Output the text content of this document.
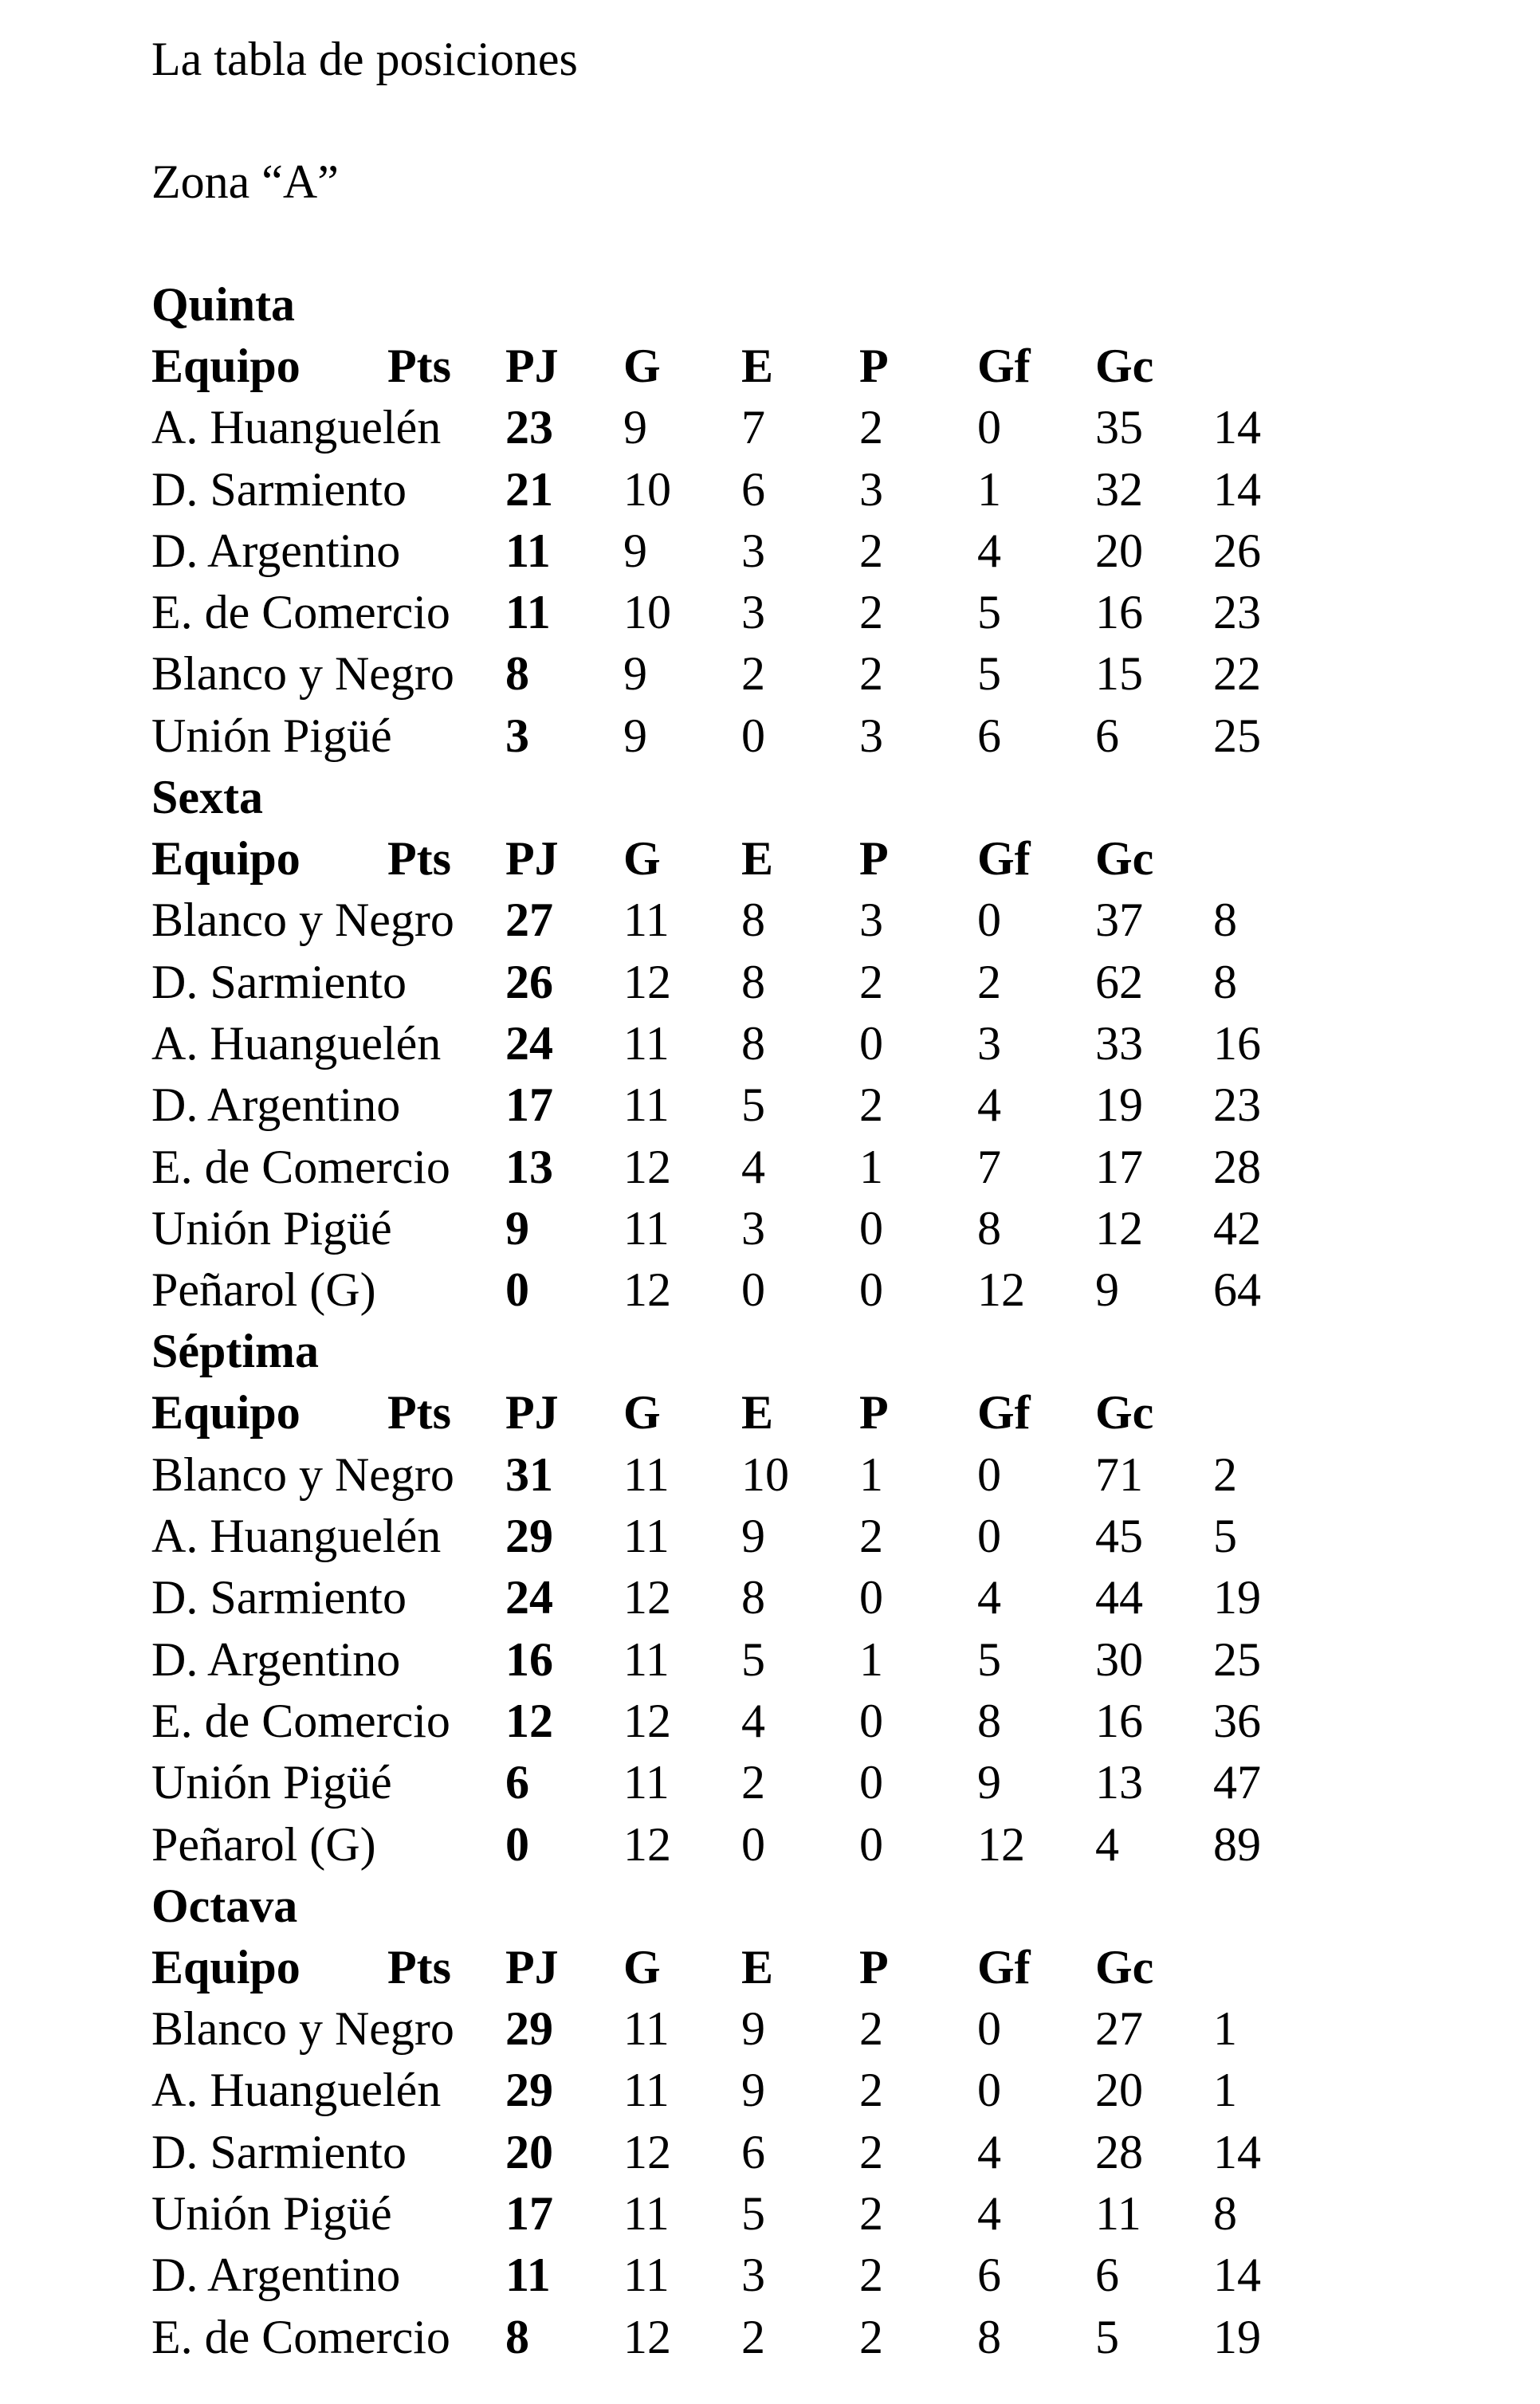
La tabla de posiciones
Zona “A”
Quinta
Equipo	Pts	PJ	G	E	P	Gf	Gc
A. Huanguelén	23	9	7	2	0	35	14
D. Sarmiento	21	10	6	3	1	32	14
D. Argentino	11	9	3	2	4	20	26
E. de Comercio	11	10	3	2	5	16	23
Blanco y Negro	8	9	2	2	5	15	22
Unión Pigüé	3	9	0	3	6	6	25
Sexta
Equipo	Pts	PJ	G	E	P	Gf	Gc
Blanco y Negro	27	11	8	3	0	37	8
D. Sarmiento	26	12	8	2	2	62	8
A. Huanguelén	24	11	8	0	3	33	16
D. Argentino	17	11	5	2	4	19	23
E. de Comercio	13	12	4	1	7	17	28
Unión Pigüé	9	11	3	0	8	12	42
Peñarol (G)	0	12	0	0	12	9	64
Séptima
Equipo	Pts	PJ	G	E	P	Gf	Gc
Blanco y Negro	31	11	10	1	0	71	2
A. Huanguelén	29	11	9	2	0	45	5
D. Sarmiento	24	12	8	0	4	44	19
D. Argentino	16	11	5	1	5	30	25
E. de Comercio	12	12	4	0	8	16	36
Unión Pigüé	6	11	2	0	9	13	47
Peñarol (G)	0	12	0	0	12	4	89
Octava
Equipo	Pts	PJ	G	E	P	Gf	Gc
Blanco y Negro	29	11	9	2	0	27	1
A. Huanguelén	29	11	9	2	0	20	1
D. Sarmiento	20	12	6	2	4	28	14
Unión Pigüé	17	11	5	2	4	11	8
D. Argentino	11	11	3	2	6	6	14
E. de Comercio	8	12	2	2	8	5	19
